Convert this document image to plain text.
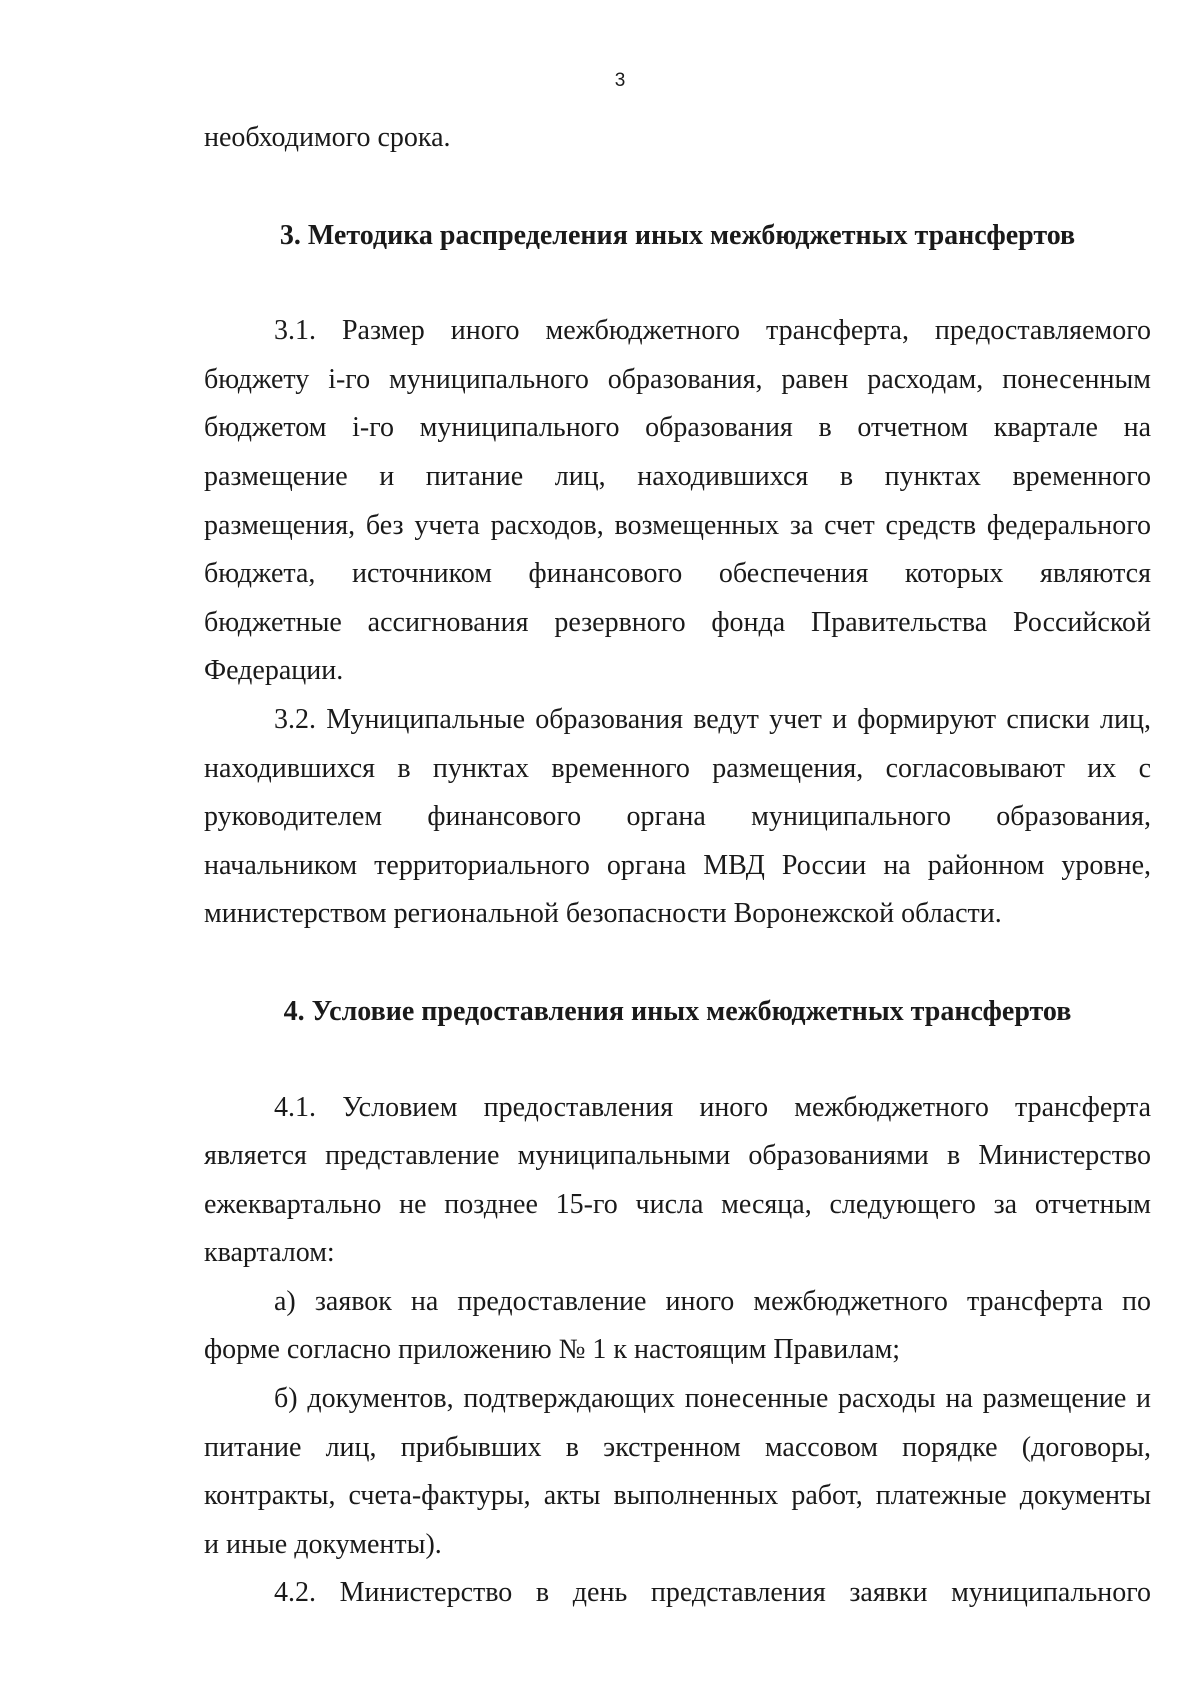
3

необходимого срока.

3. Методика распределения иных межбюджетных трансфертов

3.1. Размер иного межбюджетного трансферта, предоставляемого

бюджету i-го муниципального образования, равен расходам, понесенным

бюджетом i-го муниципального образования в отчетном квартале на

размещение и питание лиц, находившихся в пунктах временного

размещения, без учета расходов, возмещенных за счет средств федерального

бюджета, источником финансового обеспечения которых являются

бюджетные ассигнования резервного фонда Правительства Российской

Федерации.

3.2. Муниципальные образования ведут учет и формируют списки лиц,

находившихся в пунктах временного размещения, согласовывают их с

руководителем финансового органа муниципального образования,

начальником территориального органа МВД России на районном уровне,

министерством региональной безопасности Воронежской области.

4. Условие предоставления иных межбюджетных трансфертов

4.1. Условием предоставления иного межбюджетного трансферта

является представление муниципальными образованиями в Министерство

ежеквартально не позднее 15-го числа месяца, следующего за отчетным

кварталом:

а) заявок на предоставление иного межбюджетного трансферта по

форме согласно приложению № 1 к настоящим Правилам;

б) документов, подтверждающих понесенные расходы на размещение и

питание лиц, прибывших в экстренном массовом порядке (договоры,

контракты, счета-фактуры, акты выполненных работ, платежные документы

и иные документы).

4.2. Министерство в день представления заявки муниципального
